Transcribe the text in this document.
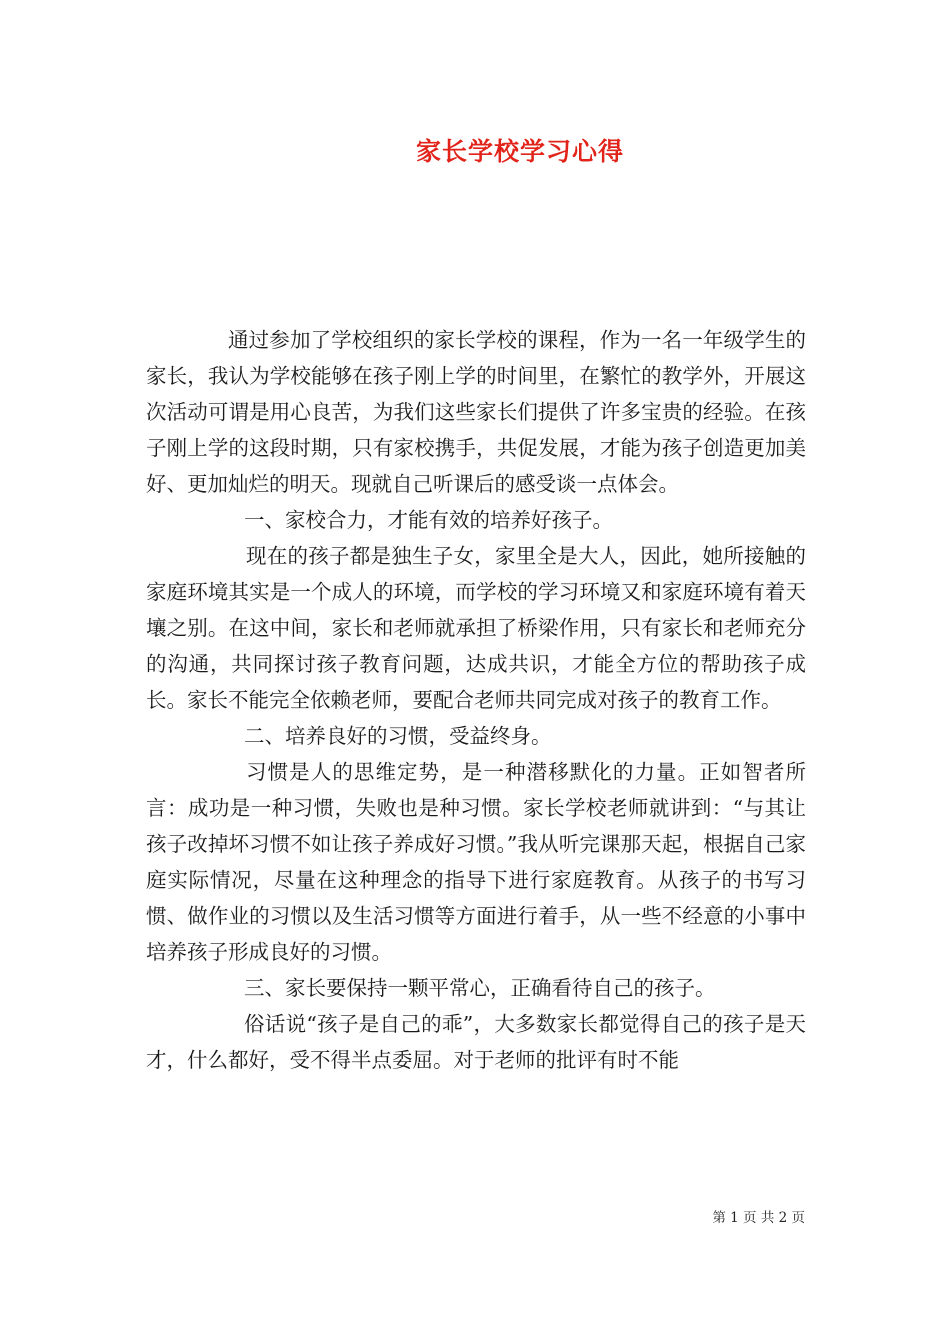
家长学校学习心得

通过参加了学校组织的家长学校的课程，作为一名一年级学生的家长，我认为学校能够在孩子刚上学的时间里，在繁忙的教学外，开展这次活动可谓是用心良苦，为我们这些家长们提供了许多宝贵的经验。在孩子刚上学的这段时期，只有家校携手，共促发展，才能为孩子创造更加美好、更加灿烂的明天。现就自己听课后的感受谈一点体会。

一、家校合力，才能有效的培养好孩子。

现在的孩子都是独生子女，家里全是大人，因此，她所接触的家庭环境其实是一个成人的环境，而学校的学习环境又和家庭环境有着天壤之别。在这中间，家长和老师就承担了桥梁作用，只有家长和老师充分的沟通，共同探讨孩子教育问题，达成共识，才能全方位的帮助孩子成长。家长不能完全依赖老师，要配合老师共同完成对孩子的教育工作。

二、培养良好的习惯，受益终身。

习惯是人的思维定势，是一种潜移默化的力量。正如智者所言：成功是一种习惯，失败也是种习惯。家长学校老师就讲到：“与其让孩子改掉坏习惯不如让孩子养成好习惯。”我从听完课那天起，根据自己家庭实际情况，尽量在这种理念的指导下进行家庭教育。从孩子的书写习惯、做作业的习惯以及生活习惯等方面进行着手，从一些不经意的小事中培养孩子形成良好的习惯。

三、家长要保持一颗平常心，正确看待自己的孩子。

俗话说“孩子是自己的乖”，大多数家长都觉得自己的孩子是天才，什么都好，受不得半点委屈。对于老师的批评有时不能

第 1 页 共 2 页
